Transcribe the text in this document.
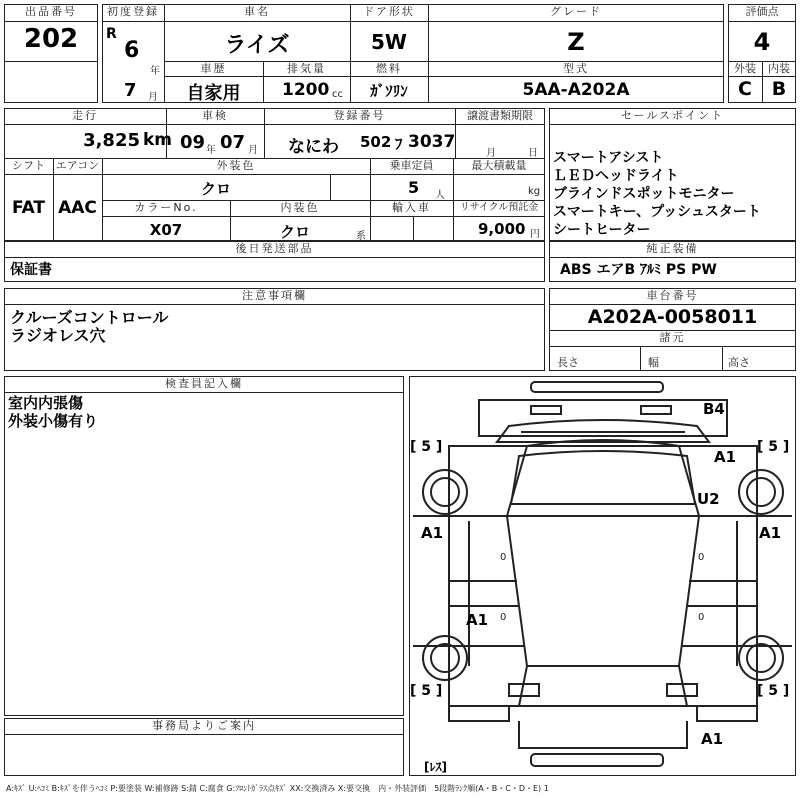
出品番号
202
初度登録
R
6
年
7 月
車名
ライズ
ドア形状
5W
グレード
Z
車歴
自家用
排気量
1200 cc
燃料
ｶﾞｿﾘﾝ
型式
5AA-A202A
評価点
4
外装	内装
C	B
走行
3,825 km
車検
09 年 07 月
登録番号
なにわ 502 ﾌ 3037
譲渡書類期限
月	日
シフト
FAT
エアコン
AAC
外装色
クロ
乗車定員
5 人
最大積載量
kg
カラーNo.
X07
内装色
クロ	系
輸入車	リサイクル預託金
9,000 円
後日発送部品
保証書
セールスポイント
スマートアシスト
ＬＥＤヘッドライト
ブラインドスポットモニター
スマートキー、プッシュスタート
シートヒーター
純正装備
ABS エアB ｱﾙﾐ PS PW
注意事項欄
クルーズコントロール
ラジオレス穴
車台番号
A202A-0058011
諸元
長さ	幅	高さ
検査員記入欄
室内内張傷
外装小傷有り
事務局よりご案内
B4
A1
U2
A1	A1
A1
A1
[ 5 ]	[ 5 ]
[ 5 ]	[ 5 ]
0	0
0	0
[ﾚｽ]
A:ｷｽﾞ U:ﾍｺﾐ B:ｷｽﾞを伴うﾍｺﾐ P:要塗装 W:補修跡 S:錆 C:腐食 G:ﾌﾛﾝﾄｶﾞﾗｽ点ｷｽﾞ XX:交換済み X:要交換　内・外装評価　5段階ﾗﾝｸ順(A・B・C・D・E) 1
